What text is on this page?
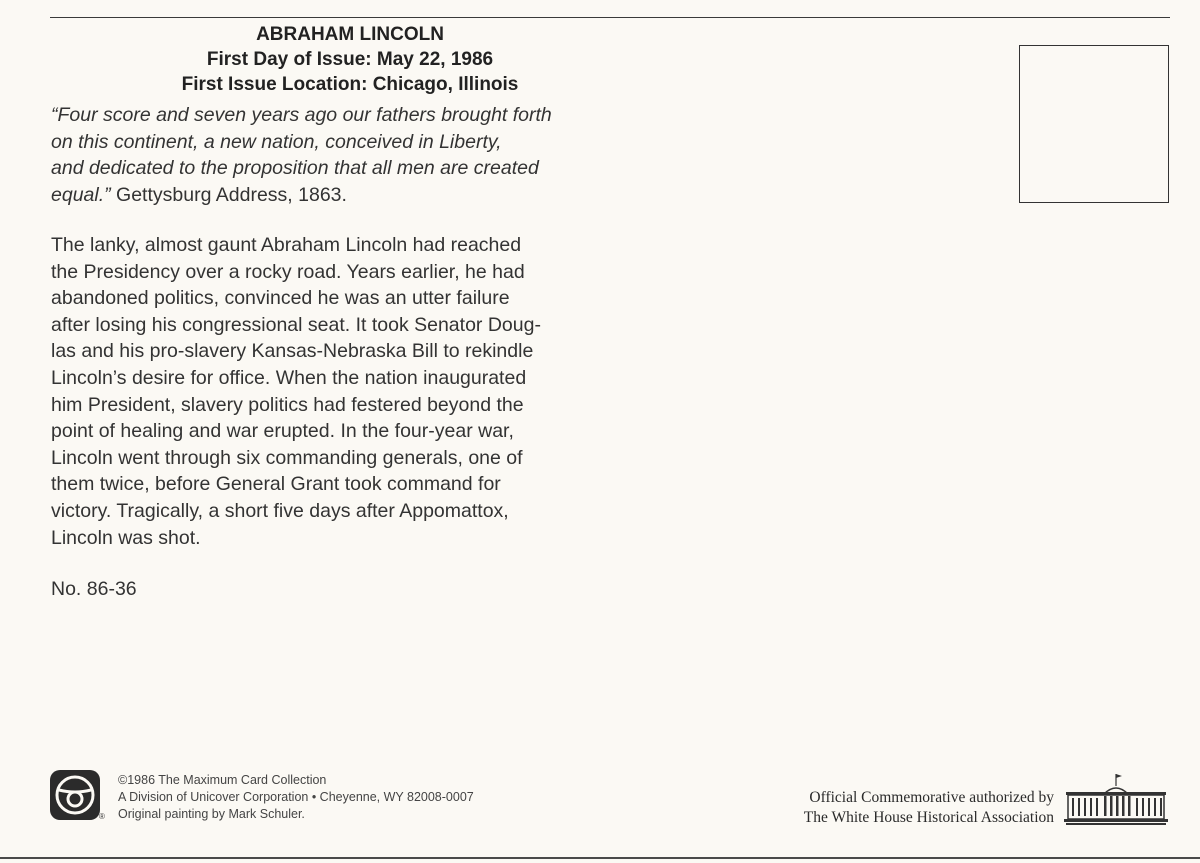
ABRAHAM LINCOLN
First Day of Issue: May 22, 1986
First Issue Location: Chicago, Illinois
“Four score and seven years ago our fathers brought forth
on this continent, a new nation, conceived in Liberty,
and dedicated to the proposition that all men are created
equal.” Gettysburg Address, 1863.
The lanky, almost gaunt Abraham Lincoln had reached
the Presidency over a rocky road. Years earlier, he had
abandoned politics, convinced he was an utter failure
after losing his congressional seat. It took Senator Doug-
las and his pro-slavery Kansas-Nebraska Bill to rekindle
Lincoln’s desire for office. When the nation inaugurated
him President, slavery politics had festered beyond the
point of healing and war erupted. In the four-year war,
Lincoln went through six commanding generals, one of
them twice, before General Grant took command for
victory. Tragically, a short five days after Appomattox,
Lincoln was shot.
No. 86-36
®
©1986 The Maximum Card Collection
A Division of Unicover Corporation • Cheyenne, WY 82008-0007
Original painting by Mark Schuler.
Official Commemorative authorized by
The White House Historical Association
